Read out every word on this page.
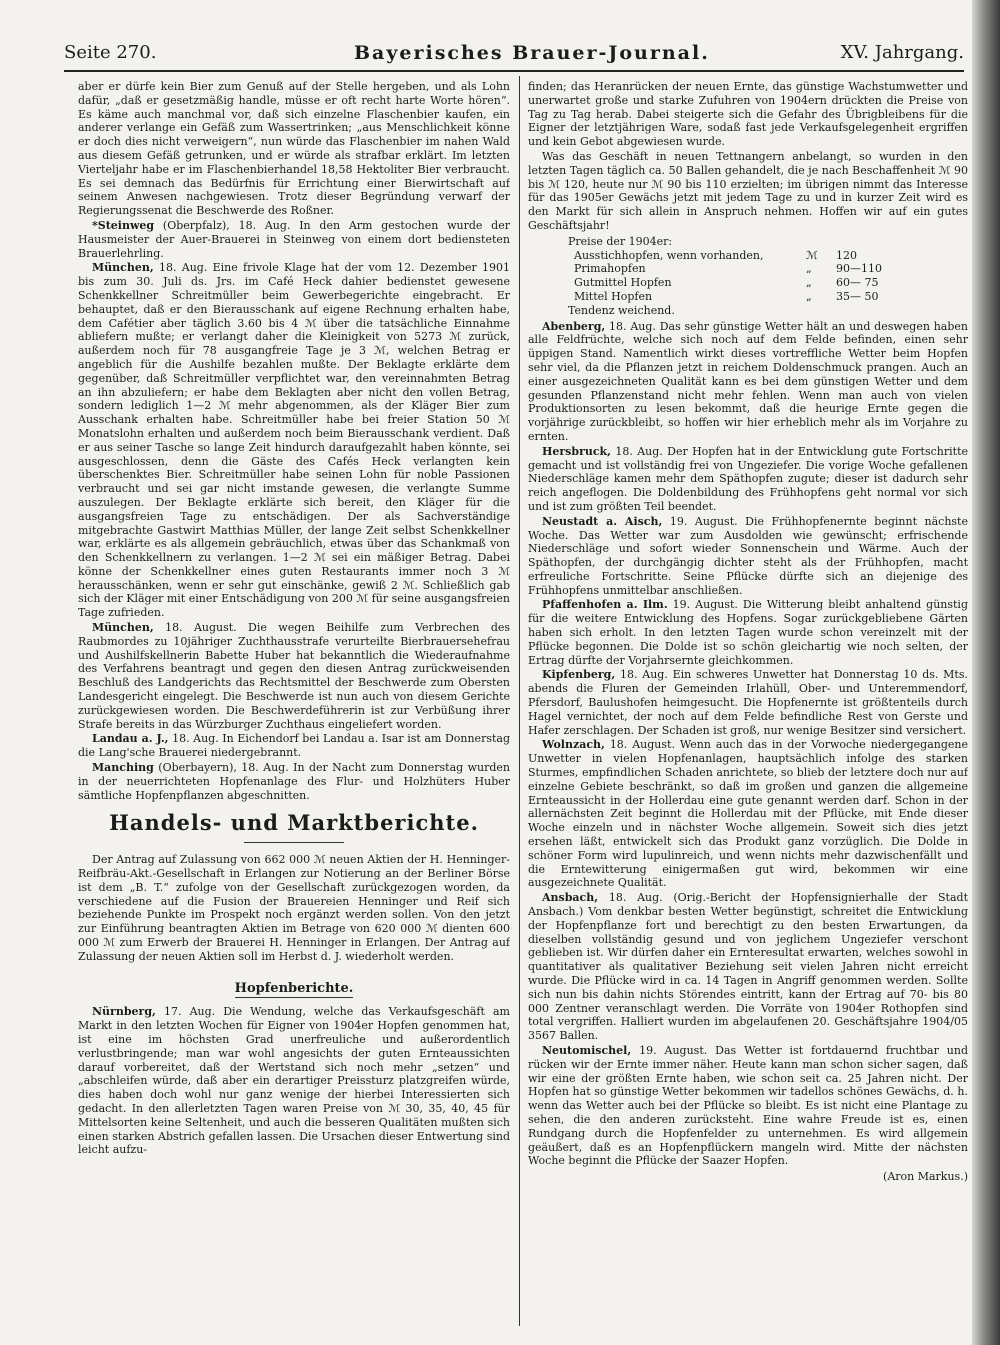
Seite 270.	Bayerisches Brauer-Journal.	XV. Jahrgang.

aber er dürfe kein Bier zum Genuß auf der Stelle hergeben, und als Lohn dafür, „daß er gesetzmäßig handle, müsse er oft recht harte Worte hören“. Es käme auch manchmal vor, daß sich einzelne Flaschenbier kaufen, ein anderer verlange ein Gefäß zum Wassertrinken; „aus Menschlichkeit könne er doch dies nicht verweigern“, nun würde das Flaschenbier im nahen Wald aus diesem Gefäß getrunken, und er würde als strafbar erklärt. Im letzten Vierteljahr habe er im Flaschenbierhandel 18,58 Hektoliter Bier verbraucht. Es sei demnach das Bedürfnis für Errichtung einer Bierwirtschaft auf seinem Anwesen nachgewiesen. Trotz dieser Begründung verwarf der Regierungssenat die Beschwerde des Roßner.

*Steinweg (Oberpfalz), 18. Aug. In den Arm gestochen wurde der Hausmeister der Auer-Brauerei in Steinweg von einem dort bediensteten Brauerlehrling.

München, 18. Aug. Eine frivole Klage hat der vom 12. Dezember 1901 bis zum 30. Juli ds. Jrs. im Café Heck dahier bedienstet gewesene Schenkkellner Schreitmüller beim Gewerbegerichte eingebracht. Er behauptet, daß er den Bierausschank auf eigene Rechnung erhalten habe, dem Cafétier aber täglich 3.60 bis 4 ℳ über die tatsächliche Einnahme abliefern mußte; er verlangt daher die Kleinigkeit von 5273 ℳ zurück, außerdem noch für 78 ausgangfreie Tage je 3 ℳ, welchen Betrag er angeblich für die Aushilfe bezahlen mußte. Der Beklagte erklärte dem gegenüber, daß Schreitmüller verpflichtet war, den vereinnahmten Betrag an ihn abzuliefern; er habe dem Beklagten aber nicht den vollen Betrag, sondern lediglich 1—2 ℳ mehr abgenommen, als der Kläger Bier zum Ausschank erhalten habe. Schreitmüller habe bei freier Station 50 ℳ Monatslohn erhalten und außerdem noch beim Bierausschank verdient. Daß er aus seiner Tasche so lange Zeit hindurch daraufgezahlt haben könnte, sei ausgeschlossen, denn die Gäste des Cafés Heck verlangten kein überschenktes Bier. Schreitmüller habe seinen Lohn für noble Passionen verbraucht und sei gar nicht imstande gewesen, die verlangte Summe auszulegen. Der Beklagte erklärte sich bereit, den Kläger für die ausgangsfreien Tage zu entschädigen. Der als Sachverständige mitgebrachte Gastwirt Matthias Müller, der lange Zeit selbst Schenkkellner war, erklärte es als allgemein gebräuchlich, etwas über das Schankmaß von den Schenkkellnern zu verlangen. 1—2 ℳ sei ein mäßiger Betrag. Dabei könne der Schenkkellner eines guten Restaurants immer noch 3 ℳ herausschänken, wenn er sehr gut einschänke, gewiß 2 ℳ. Schließlich gab sich der Kläger mit einer Entschädigung von 200 ℳ für seine ausgangsfreien Tage zufrieden.

München, 18. August. Die wegen Beihilfe zum Verbrechen des Raubmordes zu 10jähriger Zuchthausstrafe verurteilte Bierbrauersehefrau und Aushilfskellnerin Babette Huber hat bekanntlich die Wiederaufnahme des Verfahrens beantragt und gegen den diesen Antrag zurückweisenden Beschluß des Landgerichts das Rechtsmittel der Beschwerde zum Obersten Landesgericht eingelegt. Die Beschwerde ist nun auch von diesem Gerichte zurückgewiesen worden. Die Beschwerdeführerin ist zur Verbüßung ihrer Strafe bereits in das Würzburger Zuchthaus eingeliefert worden.

Landau a. J., 18. Aug. In Eichendorf bei Landau a. Isar ist am Donnerstag die Lang'sche Brauerei niedergebrannt.

Manching (Oberbayern), 18. Aug. In der Nacht zum Donnerstag wurden in der neuerrichteten Hopfenanlage des Flur- und Holzhüters Huber sämtliche Hopfenpflanzen abgeschnitten.

Handels- und Marktberichte.

Der Antrag auf Zulassung von 662 000 ℳ neuen Aktien der H. Henninger-Reifbräu-Akt.-Gesellschaft in Erlangen zur Notierung an der Berliner Börse ist dem „B. T.“ zufolge von der Gesellschaft zurückgezogen worden, da verschiedene auf die Fusion der Brauereien Henninger und Reif sich beziehende Punkte im Prospekt noch ergänzt werden sollen. Von den jetzt zur Einführung beantragten Aktien im Betrage von 620 000 ℳ dienten 600 000 ℳ zum Erwerb der Brauerei H. Henninger in Erlangen. Der Antrag auf Zulassung der neuen Aktien soll im Herbst d. J. wiederholt werden.

Hopfenberichte.

Nürnberg, 17. Aug. Die Wendung, welche das Verkaufsgeschäft am Markt in den letzten Wochen für Eigner von 1904er Hopfen genommen hat, ist eine im höchsten Grad unerfreuliche und außerordentlich verlustbringende; man war wohl angesichts der guten Ernteaussichten darauf vorbereitet, daß der Wertstand sich noch mehr „setzen“ und „abschleifen würde, daß aber ein derartiger Preissturz platzgreifen würde, dies haben doch wohl nur ganz wenige der hierbei Interessierten sich gedacht. In den allerletzten Tagen waren Preise von ℳ 30, 35, 40, 45 für Mittelsorten keine Seltenheit, und auch die besseren Qualitäten mußten sich einen starken Abstrich gefallen lassen. Die Ursachen dieser Entwertung sind leicht aufzu-

finden; das Heranrücken der neuen Ernte, das günstige Wachstumwetter und unerwartet große und starke Zufuhren von 1904ern drückten die Preise von Tag zu Tag herab. Dabei steigerte sich die Gefahr des Übrigbleibens für die Eigner der letztjährigen Ware, sodaß fast jede Verkaufsgelegenheit ergriffen und kein Gebot abgewiesen wurde.

Was das Geschäft in neuen Tettnangern anbelangt, so wurden in den letzten Tagen täglich ca. 50 Ballen gehandelt, die je nach Beschaffenheit ℳ 90 bis ℳ 120, heute nur ℳ 90 bis 110 erzielten; im übrigen nimmt das Interesse für das 1905er Gewächs jetzt mit jedem Tage zu und in kurzer Zeit wird es den Markt für sich allein in Anspruch nehmen. Hoffen wir auf ein gutes Geschäftsjahr!

Preise der 1904er:
Ausstichhopfen, wenn vorhanden,	ℳ	120
Primahopfen	„	90—110
Gutmittel Hopfen	„	60— 75
Mittel Hopfen	„	35— 50
Tendenz weichend.

Abenberg, 18. Aug. Das sehr günstige Wetter hält an und deswegen haben alle Feldfrüchte, welche sich noch auf dem Felde befinden, einen sehr üppigen Stand. Namentlich wirkt dieses vortreffliche Wetter beim Hopfen sehr viel, da die Pflanzen jetzt in reichem Doldenschmuck prangen. Auch an einer ausgezeichneten Qualität kann es bei dem günstigen Wetter und dem gesunden Pflanzenstand nicht mehr fehlen. Wenn man auch von vielen Produktionsorten zu lesen bekommt, daß die heurige Ernte gegen die vorjährige zurückbleibt, so hoffen wir hier erheblich mehr als im Vorjahre zu ernten.

Hersbruck, 18. Aug. Der Hopfen hat in der Entwicklung gute Fortschritte gemacht und ist vollständig frei von Ungeziefer. Die vorige Woche gefallenen Niederschläge kamen mehr dem Späthopfen zugute; dieser ist dadurch sehr reich angeflogen. Die Doldenbildung des Frühhopfens geht normal vor sich und ist zum größten Teil beendet.

Neustadt a. Aisch, 19. August. Die Frühhopfenernte beginnt nächste Woche. Das Wetter war zum Ausdolden wie gewünscht; erfrischende Niederschläge und sofort wieder Sonnenschein und Wärme. Auch der Späthopfen, der durchgängig dichter steht als der Frühhopfen, macht erfreuliche Fortschritte. Seine Pflücke dürfte sich an diejenige des Frühhopfens unmittelbar anschließen.

Pfaffenhofen a. Ilm. 19. August. Die Witterung bleibt anhaltend günstig für die weitere Entwicklung des Hopfens. Sogar zurückgebliebene Gärten haben sich erholt. In den letzten Tagen wurde schon vereinzelt mit der Pflücke begonnen. Die Dolde ist so schön gleichartig wie noch selten, der Ertrag dürfte der Vorjahrsernte gleichkommen.

Kipfenberg, 18. Aug. Ein schweres Unwetter hat Donnerstag 10 ds. Mts. abends die Fluren der Gemeinden Irlahüll, Ober- und Unteremmendorf, Pfersdorf, Baulushofen heimgesucht. Die Hopfenernte ist größtenteils durch Hagel vernichtet, der noch auf dem Felde befindliche Rest von Gerste und Hafer zerschlagen. Der Schaden ist groß, nur wenige Besitzer sind versichert.

Wolnzach, 18. August. Wenn auch das in der Vorwoche niedergegangene Unwetter in vielen Hopfenanlagen, hauptsächlich infolge des starken Sturmes, empfindlichen Schaden anrichtete, so blieb der letztere doch nur auf einzelne Gebiete beschränkt, so daß im großen und ganzen die allgemeine Ernteaussicht in der Hollerdau eine gute genannt werden darf. Schon in der allernächsten Zeit beginnt die Hollerdau mit der Pflücke, mit Ende dieser Woche einzeln und in nächster Woche allgemein. Soweit sich dies jetzt ersehen läßt, entwickelt sich das Produkt ganz vorzüglich. Die Dolde in schöner Form wird lupulinreich, und wenn nichts mehr dazwischenfällt und die Erntewitterung einigermaßen gut wird, bekommen wir eine ausgezeichnete Qualität.

Ansbach, 18. Aug. (Orig.-Bericht der Hopfensignierhalle der Stadt Ansbach.) Vom denkbar besten Wetter begünstigt, schreitet die Entwicklung der Hopfenpflanze fort und berechtigt zu den besten Erwartungen, da dieselben vollständig gesund und von jeglichem Ungeziefer verschont geblieben ist. Wir dürfen daher ein Ernteresultat erwarten, welches sowohl in quantitativer als qualitativer Beziehung seit vielen Jahren nicht erreicht wurde. Die Pflücke wird in ca. 14 Tagen in Angriff genommen werden. Sollte sich nun bis dahin nichts Störendes eintritt, kann der Ertrag auf 70- bis 80 000 Zentner veranschlagt werden. Die Vorräte von 1904er Rothopfen sind total vergriffen. Halliert wurden im abgelaufenen 20. Geschäftsjahre 1904/05 3567 Ballen.

Neutomischel, 19. August. Das Wetter ist fortdauernd fruchtbar und rücken wir der Ernte immer näher. Heute kann man schon sicher sagen, daß wir eine der größten Ernte haben, wie schon seit ca. 25 Jahren nicht. Der Hopfen hat so günstige Wetter bekommen wir tadellos schönes Gewächs, d. h. wenn das Wetter auch bei der Pflücke so bleibt. Es ist nicht eine Plantage zu sehen, die den anderen zurücksteht. Eine wahre Freude ist es, einen Rundgang durch die Hopfenfelder zu unternehmen. Es wird allgemein geäußert, daß es an Hopfenpflückern mangeln wird. Mitte der nächsten Woche beginnt die Pflücke der Saazer Hopfen.

(Aron Markus.)
